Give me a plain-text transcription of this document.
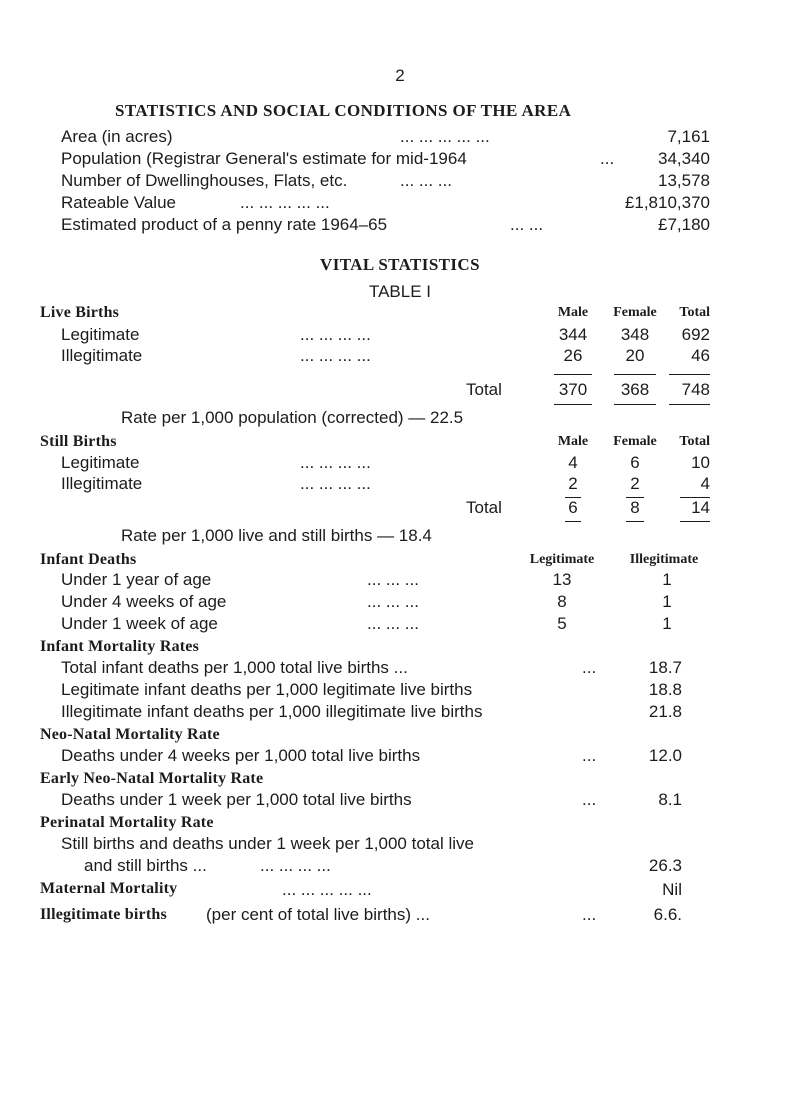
2
STATISTICS AND SOCIAL CONDITIONS OF THE AREA
Area (in acres)	... ... ... ... ...	7,161
Population (Registrar General's estimate for mid-1964	...	34,340
Number of Dwellinghouses, Flats, etc.	... ... ...	13,578
Rateable Value	... ... ... ... ...	£1,810,370
Estimated product of a penny rate 1964–65	... ...	£7,180
VITAL STATISTICS
TABLE I
Live Births	Male	Female	Total
Legitimate	... ... ... ...	344	348	692
Illegitimate	... ... ... ...	26	20	46
Total	370	368	748
Rate per 1,000 population (corrected) — 22.5
Still Births	Male	Female	Total
Legitimate	... ... ... ...	4	6	10
Illegitimate	... ... ... ...	2	2	4
Total	6	8	14
Rate per 1,000 live and still births — 18.4
Infant Deaths	Legitimate	Illegitimate
Under 1 year of age	... ... ...	13	1
Under 4 weeks of age	... ... ...	8	1
Under 1 week of age	... ... ...	5	1
Infant Mortality Rates
Total infant deaths per 1,000 total live births ...	...	18.7
Legitimate infant deaths per 1,000 legitimate live births	18.8
Illegitimate infant deaths per 1,000 illegitimate live births	21.8
Neo-Natal Mortality Rate
Deaths under 4 weeks per 1,000 total live births	...	12.0
Early Neo-Natal Mortality Rate
Deaths under 1 week per 1,000 total live births	...	8.1
Perinatal Mortality Rate
Still births and deaths under 1 week per 1,000 total live
and still births ...	... ... ... ...	26.3
Maternal Mortality	... ... ... ... ...	Nil
Illegitimate births (per cent of total live births) ...	...	6.6.
